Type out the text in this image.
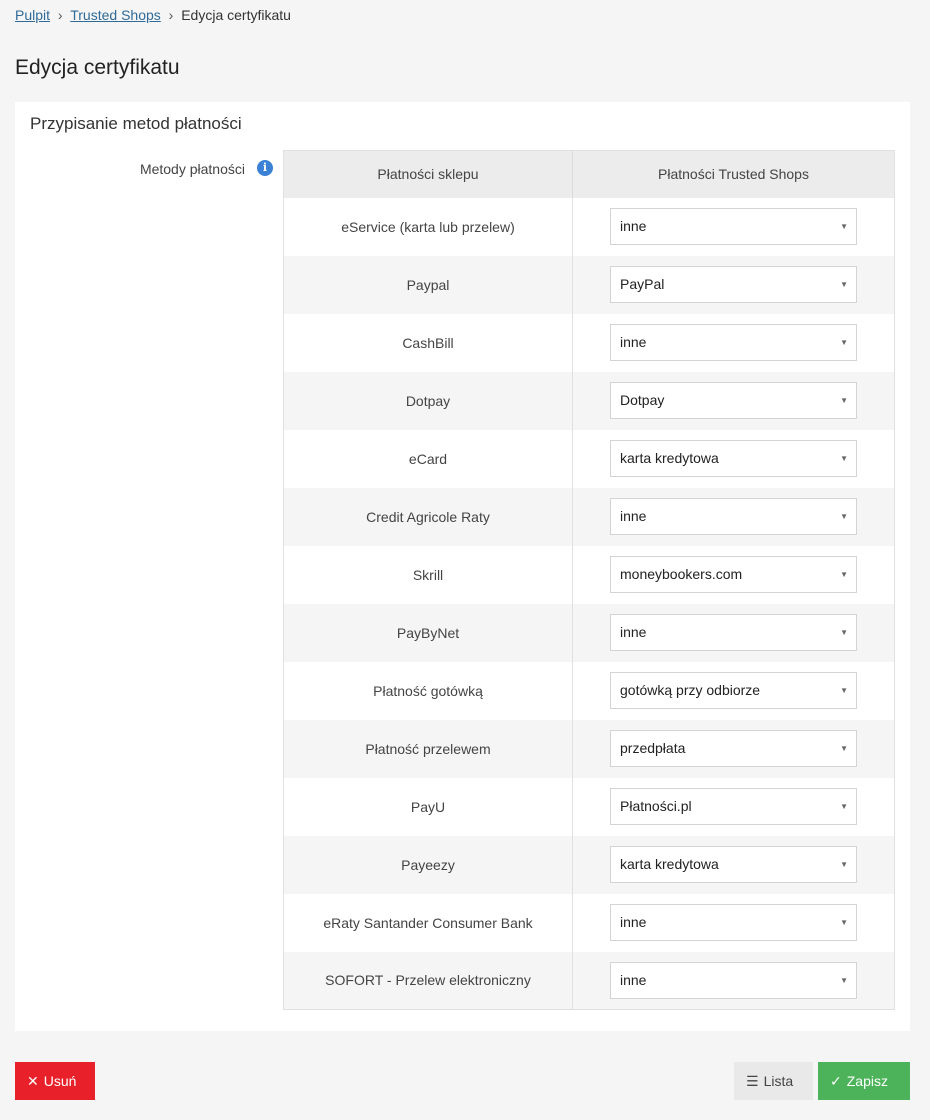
Pulpit › Trusted Shops › Edycja certyfikatu
Edycja certyfikatu
Przypisanie metod płatności
Metody płatności	i	Płatności sklepu	Płatności Trusted Shops
eService (karta lub przelew)	inne ▼

Paypal	PayPal ▼

CashBill	inne ▼

Dotpay	Dotpay ▼

eCard	karta kredytowa ▼

Credit Agricole Raty	inne ▼

Skrill	moneybookers.com ▼

PayByNet	inne ▼

Płatność gotówką	gotówką przy odbiorze ▼

Płatność przelewem	przedpłata ▼

PayU	Płatności.pl ▼

Payeezy	karta kredytowa ▼

eRaty Santander Consumer Bank	inne ▼

SOFORT - Przelew elektroniczny	inne ▼
✕ Usuń	☰ Lista	✓ Zapisz
